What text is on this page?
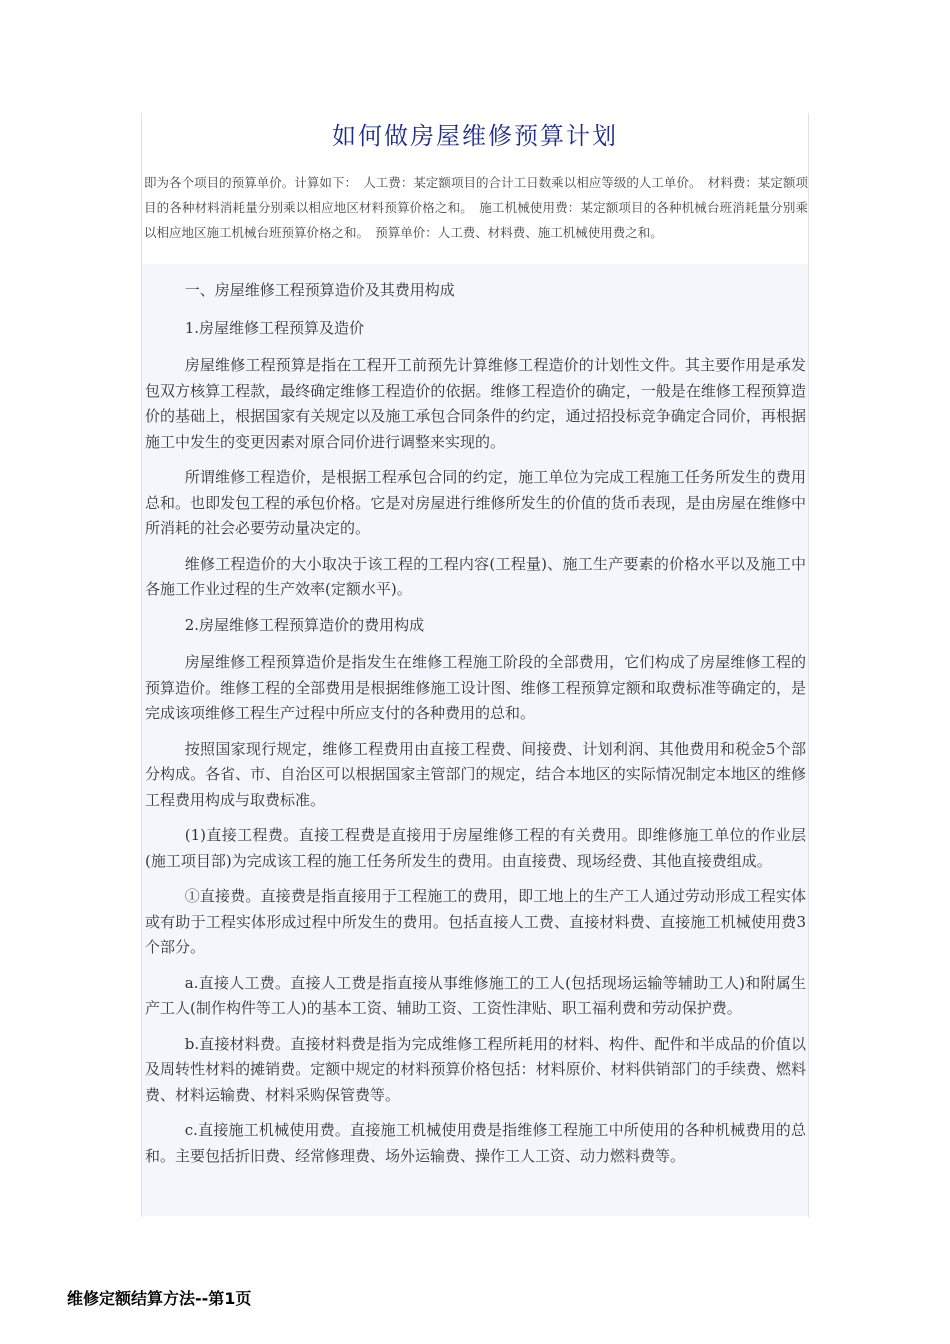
如何做房屋维修预算计划

即为各个项目的预算单价。计算如下：　人工费：某定额项目的合计工日数乘以相应等级的人工单价。　材料费：某定额项目的各种材料消耗量分别乘以相应地区材料预算价格之和。　施工机械使用费：某定额项目的各种机械台班消耗量分别乘以相应地区施工机械台班预算价格之和。　预算单价：人工费、材料费、施工机械使用费之和。

一、房屋维修工程预算造价及其费用构成

1.房屋维修工程预算及造价

房屋维修工程预算是指在工程开工前预先计算维修工程造价的计划性文件。其主要作用是承发包双方核算工程款，最终确定维修工程造价的依据。维修工程造价的确定，一般是在维修工程预算造价的基础上，根据国家有关规定以及施工承包合同条件的约定，通过招投标竞争确定合同价，再根据施工中发生的变更因素对原合同价进行调整来实现的。

所谓维修工程造价，是根据工程承包合同的约定，施工单位为完成工程施工任务所发生的费用总和。也即发包工程的承包价格。它是对房屋进行维修所发生的价值的货币表现，是由房屋在维修中所消耗的社会必要劳动量决定的。

维修工程造价的大小取决于该工程的工程内容(工程量)、施工生产要素的价格水平以及施工中各施工作业过程的生产效率(定额水平)。

2.房屋维修工程预算造价的费用构成

房屋维修工程预算造价是指发生在维修工程施工阶段的全部费用，它们构成了房屋维修工程的预算造价。维修工程的全部费用是根据维修施工设计图、维修工程预算定额和取费标准等确定的，是完成该项维修工程生产过程中所应支付的各种费用的总和。

按照国家现行规定，维修工程费用由直接工程费、间接费、计划利润、其他费用和税金5个部分构成。各省、市、自治区可以根据国家主管部门的规定，结合本地区的实际情况制定本地区的维修工程费用构成与取费标准。

(1)直接工程费。直接工程费是直接用于房屋维修工程的有关费用。即维修施工单位的作业层(施工项目部)为完成该工程的施工任务所发生的费用。由直接费、现场经费、其他直接费组成。

①直接费。直接费是指直接用于工程施工的费用，即工地上的生产工人通过劳动形成工程实体或有助于工程实体形成过程中所发生的费用。包括直接人工费、直接材料费、直接施工机械使用费3个部分。

a.直接人工费。直接人工费是指直接从事维修施工的工人(包括现场运输等辅助工人)和附属生产工人(制作构件等工人)的基本工资、辅助工资、工资性津贴、职工福利费和劳动保护费。

b.直接材料费。直接材料费是指为完成维修工程所耗用的材料、构件、配件和半成品的价值以及周转性材料的摊销费。定额中规定的材料预算价格包括：材料原价、材料供销部门的手续费、燃料费、材料运输费、材料采购保管费等。

c.直接施工机械使用费。直接施工机械使用费是指维修工程施工中所使用的各种机械费用的总和。主要包括折旧费、经常修理费、场外运输费、操作工人工资、动力燃料费等。

维修定额结算方法--第1页
